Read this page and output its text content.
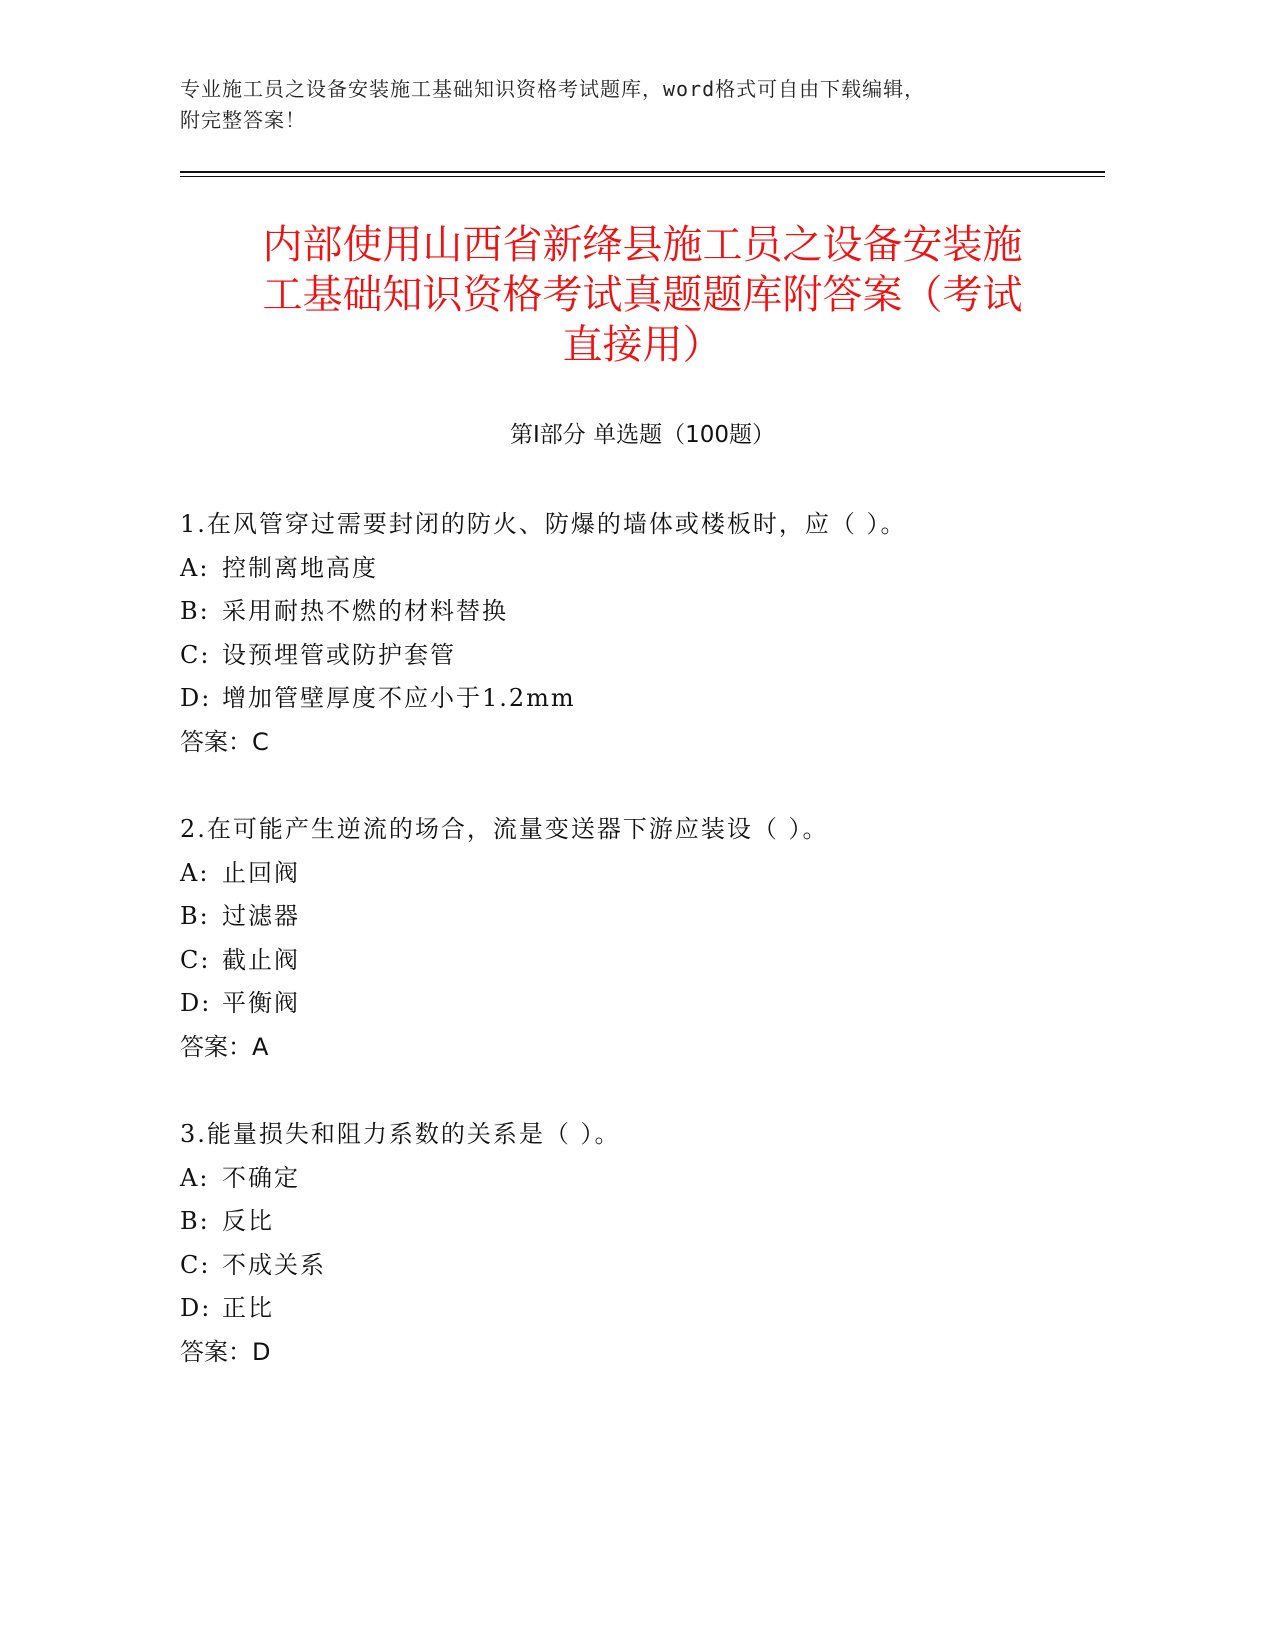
专业施工员之设备安装施工基础知识资格考试题库，word格式可自由下载编辑，
附完整答案！
内部使用山西省新绛县施工员之设备安装施
工基础知识资格考试真题题库附答案（考试
直接用）
第Ⅰ部分 单选题（100题）
1.在风管穿过需要封闭的防火、防爆的墙体或楼板时，应（ ）。
A: 控制离地高度
B: 采用耐热不燃的材料替换
C: 设预埋管或防护套管
D: 增加管壁厚度不应小于1.2mm
答案：C
2.在可能产生逆流的场合，流量变送器下游应装设（ ）。
A: 止回阀
B: 过滤器
C: 截止阀
D: 平衡阀
答案：A
3.能量损失和阻力系数的关系是（ ）。
A: 不确定
B: 反比
C: 不成关系
D: 正比
答案：D
